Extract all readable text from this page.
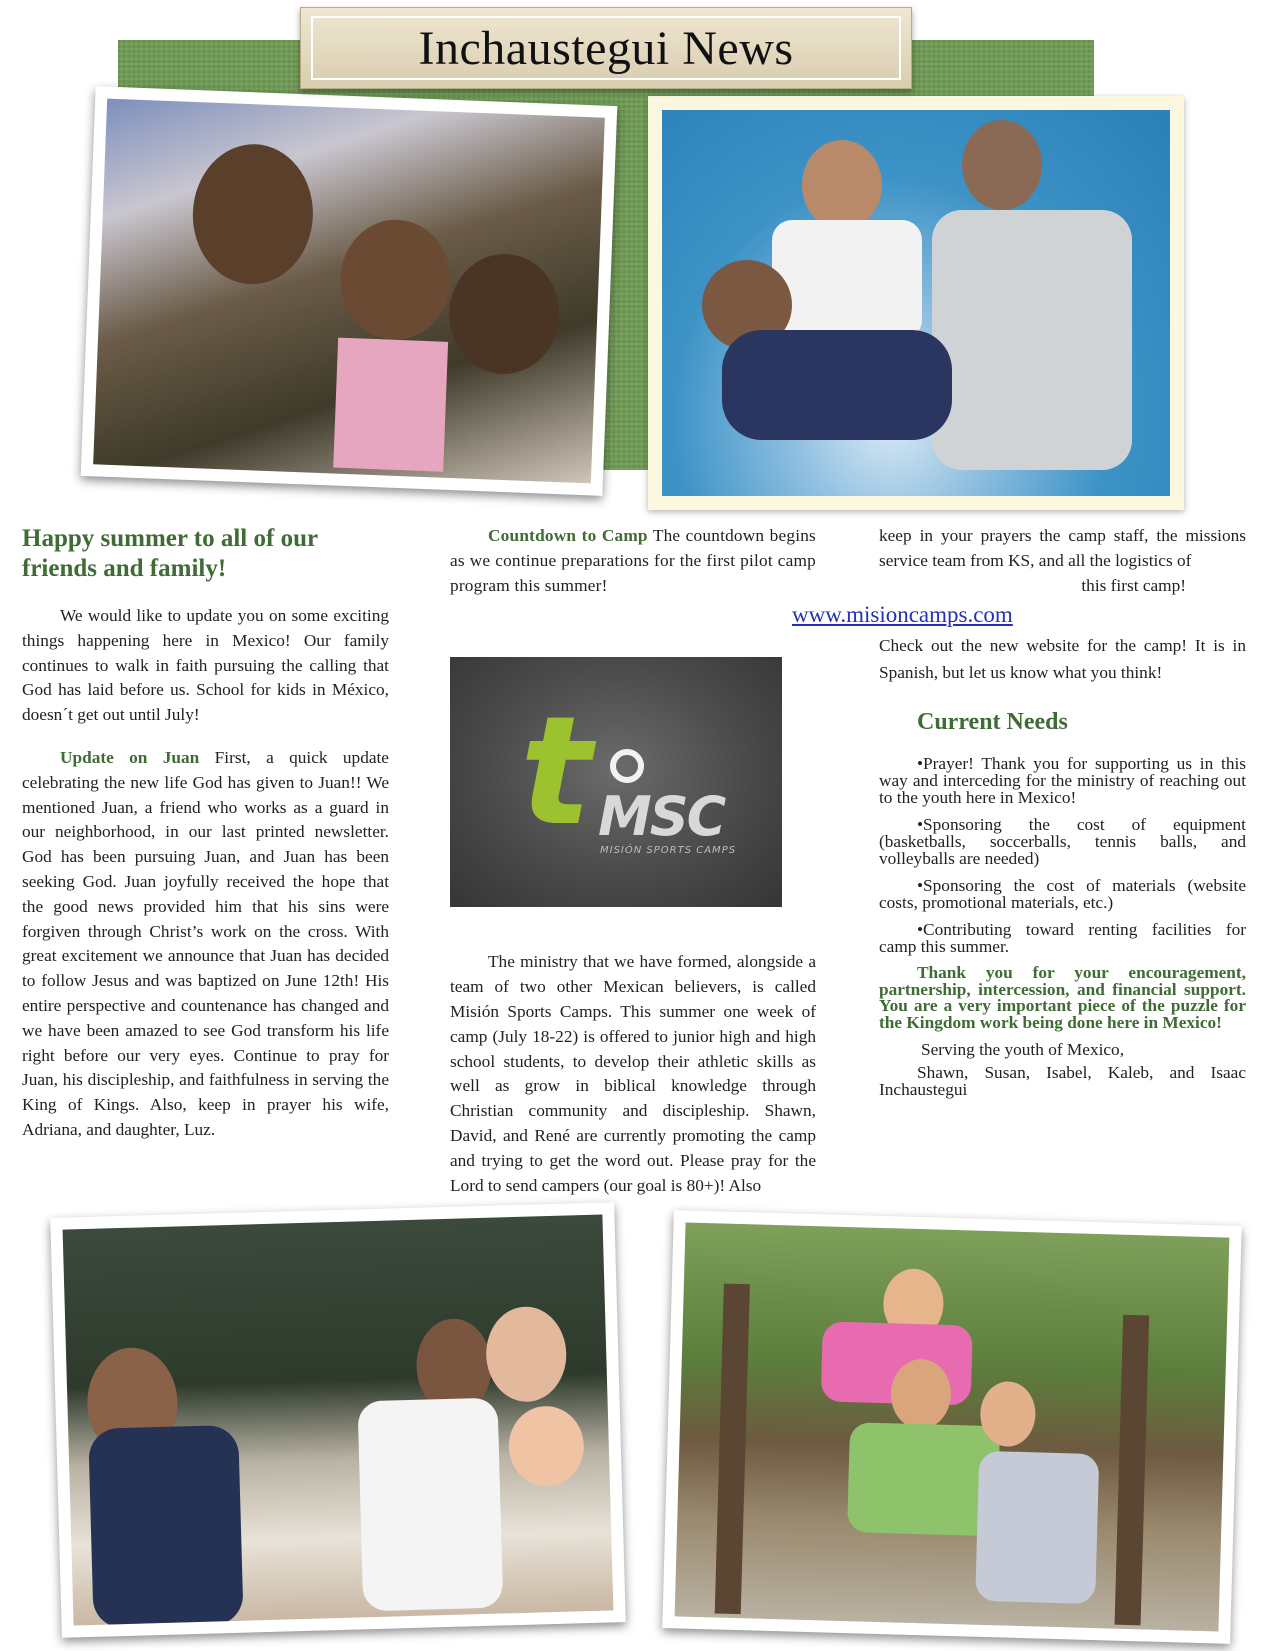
Inchaustegui News
Happy summer to all of our friends and family!

We would like to update you on some exciting things happening here in Mexico! Our family continues to walk in faith pursuing the calling that God has laid before us. School for kids in México, doesn´t get out until July!

Update on Juan First, a quick update celebrating the new life God has given to Juan!! We mentioned Juan, a friend who works as a guard in our neighborhood, in our last printed newsletter. God has been pursuing Juan, and Juan has been seeking God. Juan joyfully received the hope that the good news provided him that his sins were forgiven through Christ’s work on the cross. With great excitement we announce that Juan has decided to follow Jesus and was baptized on June 12th! His entire perspective and countenance has changed and we have been amazed to see God transform his life right before our very eyes. Continue to pray for Juan, his discipleship, and faithfulness in serving the King of Kings. Also, keep in prayer his wife, Adriana, and daughter, Luz.

Countdown to Camp The countdown begins as we continue preparations for the first pilot camp program this summer!

The ministry that we have formed, alongside a team of two other Mexican believers, is called Misión Sports Camps. This summer one week of camp (July 18-22) is offered to junior high and high school students, to develop their athletic skills as well as grow in biblical knowledge through Christian community and discipleship. Shawn, David, and René are currently promoting the camp and trying to get the word out. Please pray for the Lord to send campers (our goal is 80+)! Also

t MSC
MISIÓN SPORTS CAMPS
keep in your prayers the camp staff, the missions service team from KS, and all the logistics of
this first camp!

Check out the new website for the camp! It is in Spanish, but let us know what you think!

Current Needs

•Prayer! Thank you for supporting us in this way and interceding for the ministry of reaching out to the youth here in Mexico!

•Sponsoring the cost of equipment (basketballs, soccerballs, tennis balls, and volleyballs are needed)

•Sponsoring the cost of materials (website costs, promotional materials, etc.)

•Contributing toward renting facilities for camp this summer.

Thank you for your encouragement, partnership, intercession, and financial support. You are a very important piece of the puzzle for the Kingdom work being done here in Mexico!

Serving the youth of Mexico,

Shawn, Susan, Isabel, Kaleb, and Isaac Inchaustegui

www.misioncamps.com
